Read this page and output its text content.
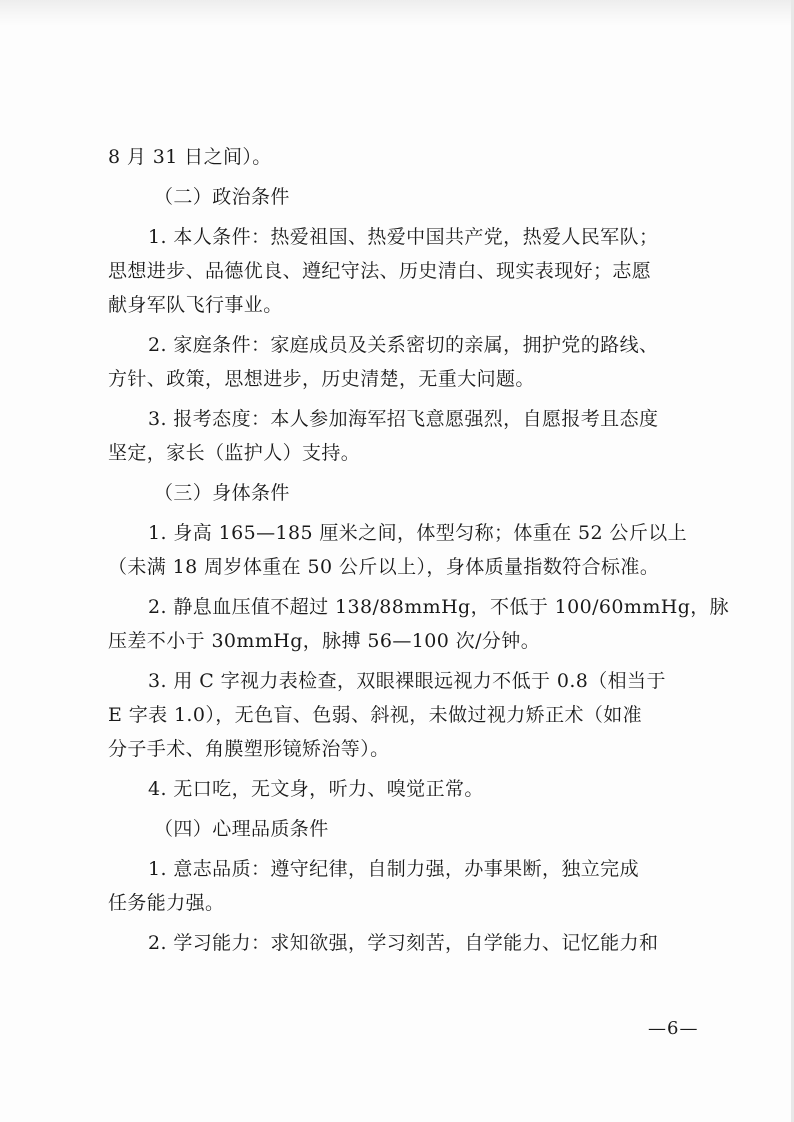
8 月 31 日之间）。
（二）政治条件
1. 本人条件：热爱祖国、热爱中国共产党，热爱人民军队；
思想进步、品德优良、遵纪守法、历史清白、现实表现好；志愿
献身军队飞行事业。
2. 家庭条件：家庭成员及关系密切的亲属，拥护党的路线、
方针、政策，思想进步，历史清楚，无重大问题。
3. 报考态度：本人参加海军招飞意愿强烈，自愿报考且态度
坚定，家长（监护人）支持。
（三）身体条件
1. 身高 165—185 厘米之间，体型匀称；体重在 52 公斤以上
（未满 18 周岁体重在 50 公斤以上），身体质量指数符合标准。
2. 静息血压值不超过 138/88mmHg，不低于 100/60mmHg，脉
压差不小于 30mmHg，脉搏 56—100 次/分钟。
3. 用 C 字视力表检查，双眼裸眼远视力不低于 0.8（相当于
E 字表 1.0），无色盲、色弱、斜视，未做过视力矫正术（如准
分子手术、角膜塑形镜矫治等）。
4. 无口吃，无文身，听力、嗅觉正常。
（四）心理品质条件
1. 意志品质：遵守纪律，自制力强，办事果断，独立完成
任务能力强。
2. 学习能力：求知欲强，学习刻苦，自学能力、记忆能力和
—6—
